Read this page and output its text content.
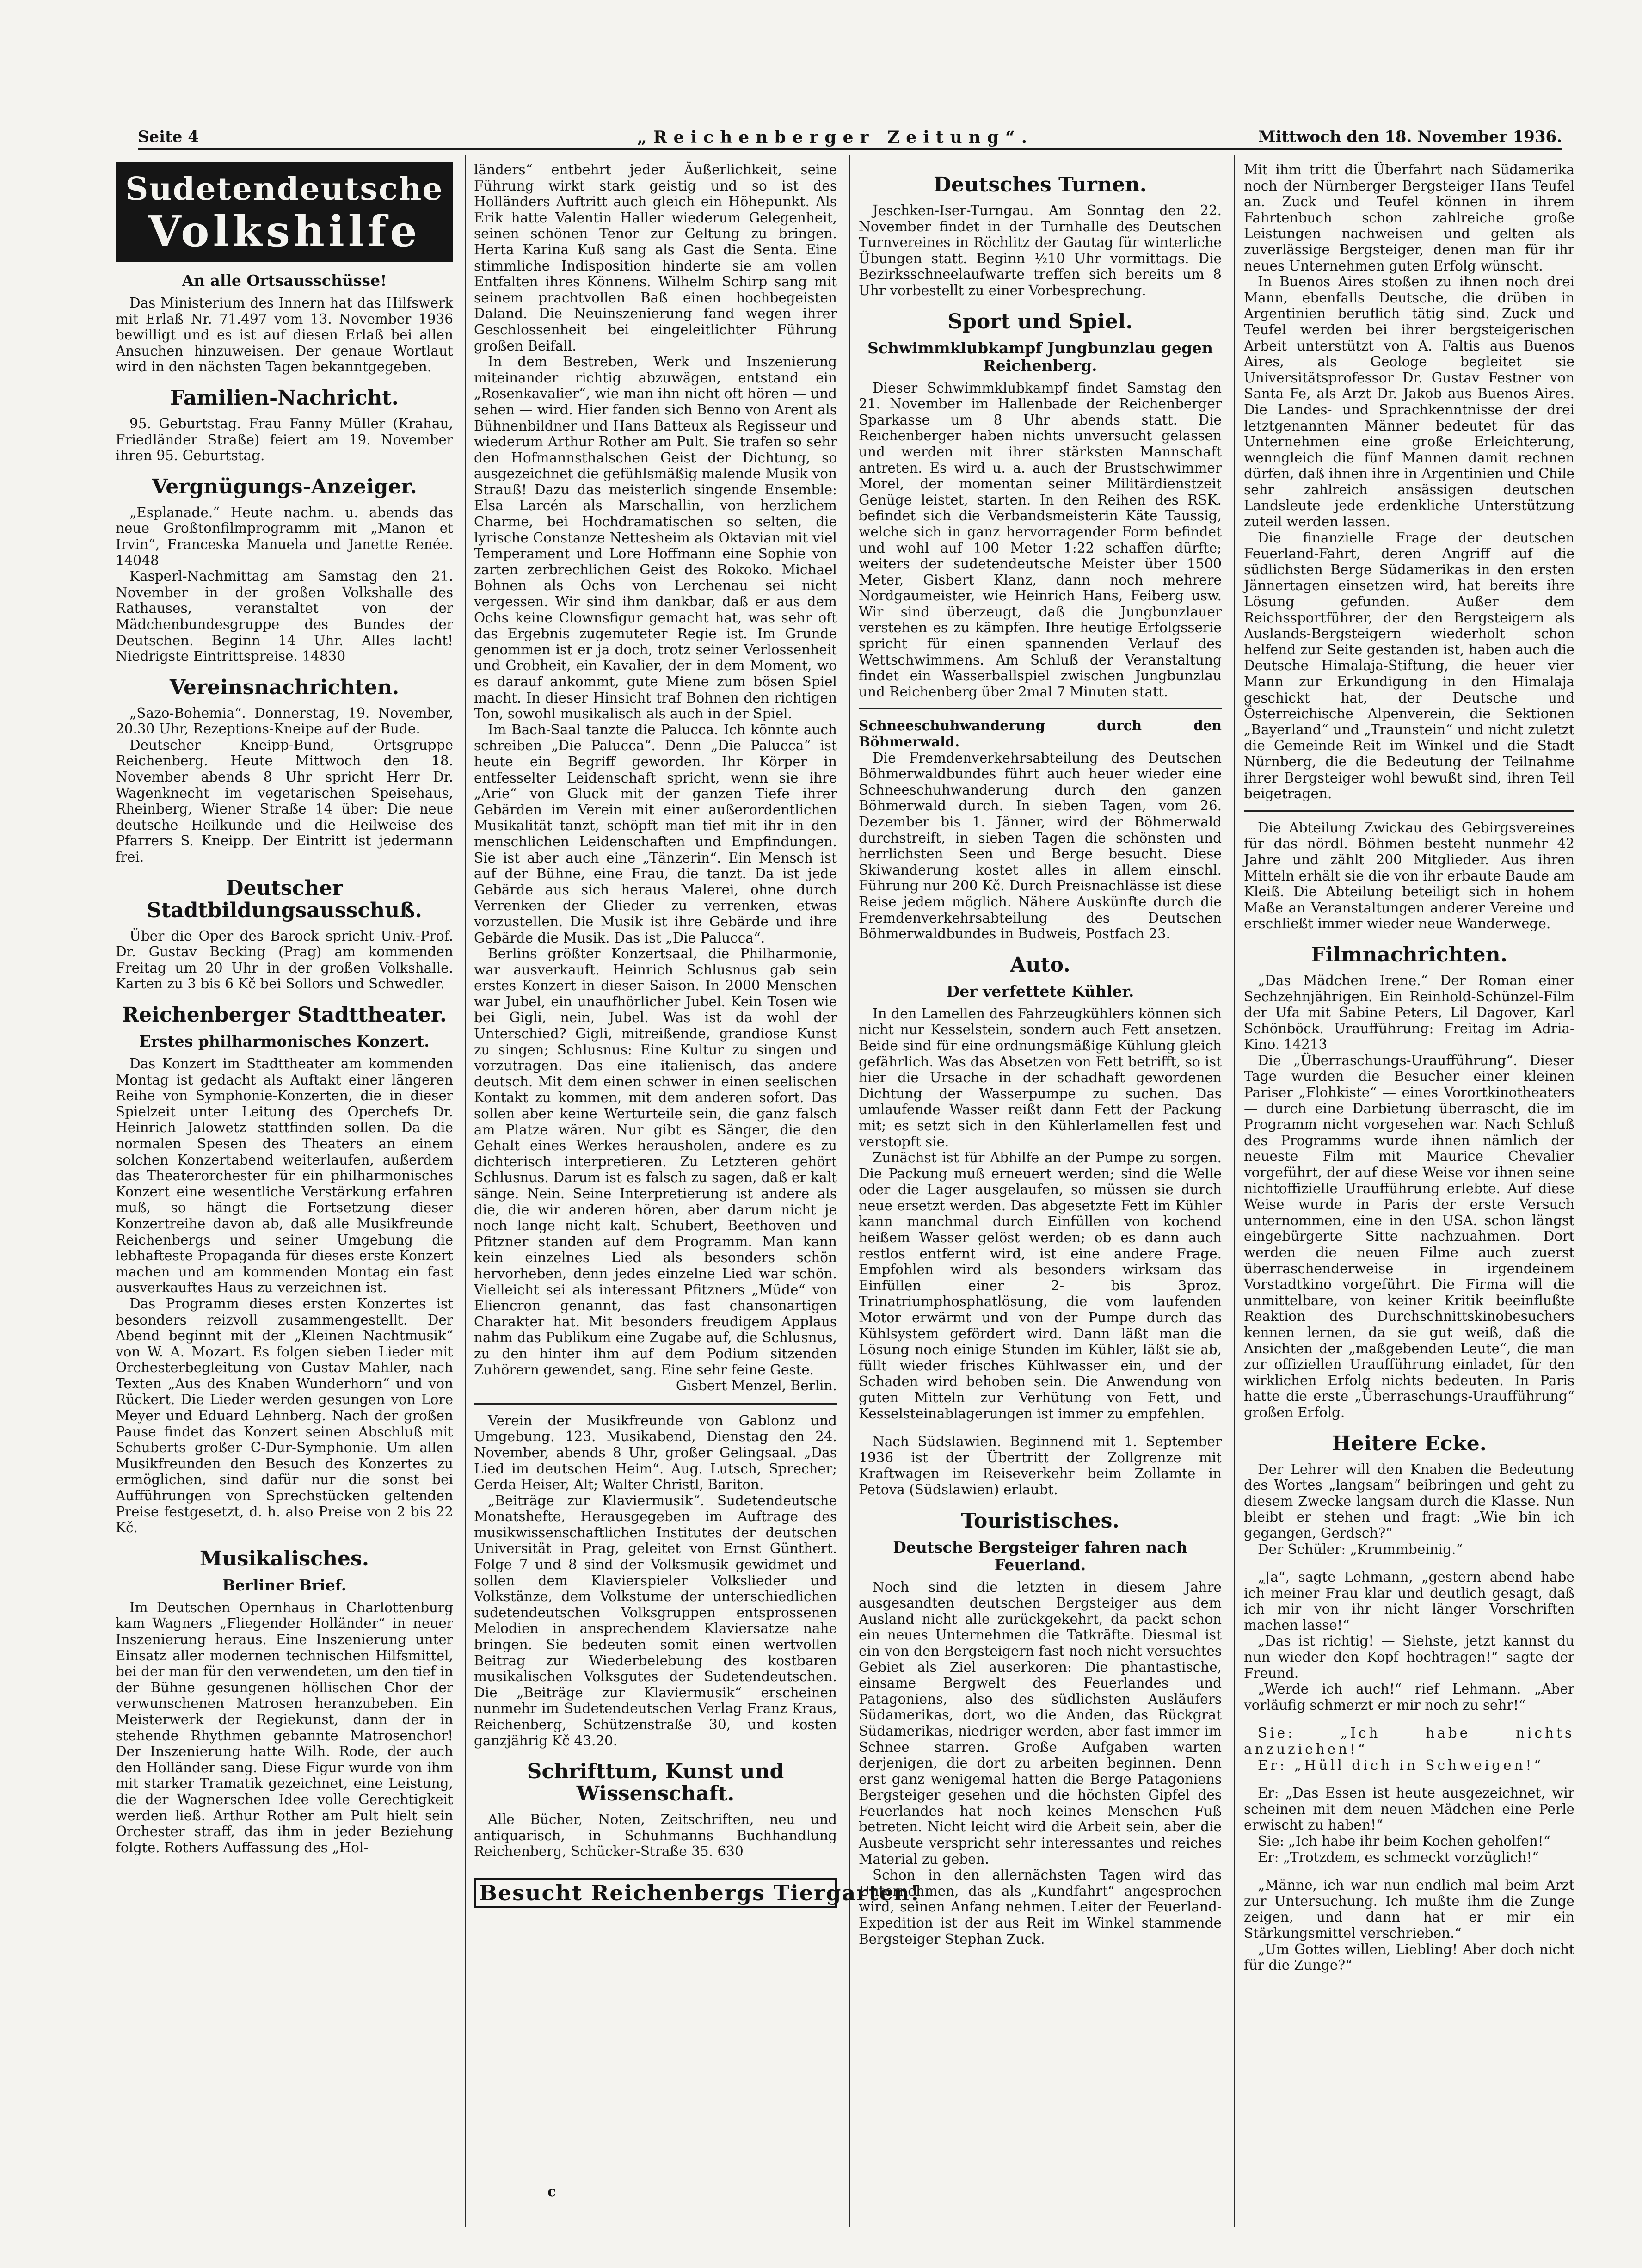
Seite 4	„Reichenberger Zeitung“.	Mittwoch den 18. November 1936.
Sudetendeutsche
Volkshilfe
An alle Ortsausschüsse!

Das Ministerium des Innern hat das Hilfswerk mit Erlaß Nr. 71.497 vom 13. November 1936 bewilligt und es ist auf diesen Erlaß bei allen Ansuchen hinzuweisen. Der genaue Wortlaut wird in den nächsten Tagen bekanntgegeben.

Familien-Nachricht.

95. Geburtstag. Frau Fanny Müller (Krahau, Friedländer Straße) feiert am 19. November ihren 95. Geburtstag.

Vergnügungs-Anzeiger.

„Esplanade.“ Heute nachm. u. abends das neue Großtonfilmprogramm mit „Manon et Irvin“, Franceska Manuela und Janette Renée. 14048

Kasperl-Nachmittag am Samstag den 21. November in der großen Volkshalle des Rathauses, veranstaltet von der Mädchenbundesgruppe des Bundes der Deutschen. Beginn 14 Uhr. Alles lacht! Niedrigste Eintrittspreise. 14830

Vereinsnachrichten.

„Sazo-Bohemia“. Donnerstag, 19. November, 20.30 Uhr, Rezeptions-Kneipe auf der Bude.

Deutscher Kneipp-Bund, Ortsgruppe Reichenberg. Heute Mittwoch den 18. November abends 8 Uhr spricht Herr Dr. Wagenknecht im vegetarischen Speisehaus, Rheinberg, Wiener Straße 14 über: Die neue deutsche Heilkunde und die Heilweise des Pfarrers S. Kneipp. Der Eintritt ist jedermann frei.

Deutscher Stadtbildungsausschuß.

Über die Oper des Barock spricht Univ.-Prof. Dr. Gustav Becking (Prag) am kommenden Freitag um 20 Uhr in der großen Volkshalle. Karten zu 3 bis 6 Kč bei Sollors und Schwedler.

Reichenberger Stadttheater.
Erstes philharmonisches Konzert.

Das Konzert im Stadttheater am kommenden Montag ist gedacht als Auftakt einer längeren Reihe von Symphonie-Konzerten, die in dieser Spielzeit unter Leitung des Operchefs Dr. Heinrich Jalowetz stattfinden sollen. Da die normalen Spesen des Theaters an einem solchen Konzertabend weiterlaufen, außerdem das Theaterorchester für ein philharmonisches Konzert eine wesentliche Verstärkung erfahren muß, so hängt die Fortsetzung dieser Konzertreihe davon ab, daß alle Musikfreunde Reichenbergs und seiner Umgebung die lebhafteste Propaganda für dieses erste Konzert machen und am kommenden Montag ein fast ausverkauftes Haus zu verzeichnen ist.

Das Programm dieses ersten Konzertes ist besonders reizvoll zusammengestellt. Der Abend beginnt mit der „Kleinen Nachtmusik“ von W. A. Mozart. Es folgen sieben Lieder mit Orchesterbegleitung von Gustav Mahler, nach Texten „Aus des Knaben Wunderhorn“ und von Rückert. Die Lieder werden gesungen von Lore Meyer und Eduard Lehnberg. Nach der großen Pause findet das Konzert seinen Abschluß mit Schuberts großer C-Dur-Symphonie. Um allen Musikfreunden den Besuch des Konzertes zu ermöglichen, sind dafür nur die sonst bei Aufführungen von Sprechstücken geltenden Preise festgesetzt, d. h. also Preise von 2 bis 22 Kč.

Musikalisches.
Berliner Brief.

Im Deutschen Opernhaus in Charlottenburg kam Wagners „Fliegender Holländer“ in neuer Inszenierung heraus. Eine Inszenierung unter Einsatz aller modernen technischen Hilfsmittel, bei der man für den verwendeten, um den tief in der Bühne gesungenen höllischen Chor der verwunschenen Matrosen heranzubeben. Ein Meisterwerk der Regiekunst, dann der in stehende Rhythmen gebannte Matrosenchor! Der Inszenierung hatte Wilh. Rode, der auch den Holländer sang. Diese Figur wurde von ihm mit starker Tramatik gezeichnet, eine Leistung, die der Wagnerschen Idee volle Gerechtigkeit werden ließ. Arthur Rother am Pult hielt sein Orchester straff, das ihm in jeder Beziehung folgte. Rothers Auffassung des „Hol-

länders“ entbehrt jeder Äußerlichkeit, seine Führung wirkt stark geistig und so ist des Holländers Auftritt auch gleich ein Höhepunkt. Als Erik hatte Valentin Haller wiederum Gelegenheit, seinen schönen Tenor zur Geltung zu bringen. Herta Karina Kuß sang als Gast die Senta. Eine stimmliche Indisposition hinderte sie am vollen Entfalten ihres Könnens. Wilhelm Schirp sang mit seinem prachtvollen Baß einen hochbegeisten Daland. Die Neuinszenierung fand wegen ihrer Geschlossenheit bei eingeleitlichter Führung großen Beifall.

In dem Bestreben, Werk und Inszenierung miteinander richtig abzuwägen, entstand ein „Rosenkavalier“, wie man ihn nicht oft hören — und sehen — wird. Hier fanden sich Benno von Arent als Bühnenbildner und Hans Batteux als Regisseur und wiederum Arthur Rother am Pult. Sie trafen so sehr den Hofmannsthalschen Geist der Dichtung, so ausgezeichnet die gefühlsmäßig malende Musik von Strauß! Dazu das meisterlich singende Ensemble: Elsa Larcén als Marschallin, von herzlichem Charme, bei Hochdramatischen so selten, die lyrische Constanze Nettesheim als Oktavian mit viel Temperament und Lore Hoffmann eine Sophie von zarten zerbrechlichen Geist des Rokoko. Michael Bohnen als Ochs von Lerchenau sei nicht vergessen. Wir sind ihm dankbar, daß er aus dem Ochs keine Clownsfigur gemacht hat, was sehr oft das Ergebnis zugemuteter Regie ist. Im Grunde genommen ist er ja doch, trotz seiner Verlossenheit und Grobheit, ein Kavalier, der in dem Moment, wo es darauf ankommt, gute Miene zum bösen Spiel macht. In dieser Hinsicht traf Bohnen den richtigen Ton, sowohl musikalisch als auch in der Spiel.

Im Bach-Saal tanzte die Palucca. Ich könnte auch schreiben „Die Palucca“. Denn „Die Palucca“ ist heute ein Begriff geworden. Ihr Körper in entfesselter Leidenschaft spricht, wenn sie ihre „Arie“ von Gluck mit der ganzen Tiefe ihrer Gebärden im Verein mit einer außerordentlichen Musikalität tanzt, schöpft man tief mit ihr in den menschlichen Leidenschaften und Empfindungen. Sie ist aber auch eine „Tänzerin“. Ein Mensch ist auf der Bühne, eine Frau, die tanzt. Da ist jede Gebärde aus sich heraus Malerei, ohne durch Verrenken der Glieder zu verrenken, etwas vorzustellen. Die Musik ist ihre Gebärde und ihre Gebärde die Musik. Das ist „Die Palucca“.

Berlins größter Konzertsaal, die Philharmonie, war ausverkauft. Heinrich Schlusnus gab sein erstes Konzert in dieser Saison. In 2000 Menschen war Jubel, ein unaufhörlicher Jubel. Kein Tosen wie bei Gigli, nein, Jubel. Was ist da wohl der Unterschied? Gigli, mitreißende, grandiose Kunst zu singen; Schlusnus: Eine Kultur zu singen und vorzutragen. Das eine italienisch, das andere deutsch. Mit dem einen schwer in einen seelischen Kontakt zu kommen, mit dem anderen sofort. Das sollen aber keine Werturteile sein, die ganz falsch am Platze wären. Nur gibt es Sänger, die den Gehalt eines Werkes herausholen, andere es zu dichterisch interpretieren. Zu Letzteren gehört Schlusnus. Darum ist es falsch zu sagen, daß er kalt sänge. Nein. Seine Interpretierung ist andere als die, die wir anderen hören, aber darum nicht je noch lange nicht kalt. Schubert, Beethoven und Pfitzner standen auf dem Programm. Man kann kein einzelnes Lied als besonders schön hervorheben, denn jedes einzelne Lied war schön. Vielleicht sei als interessant Pfitzners „Müde“ von Eliencron genannt, das fast chansonartigen Charakter hat. Mit besonders freudigem Applaus nahm das Publikum eine Zugabe auf, die Schlusnus, zu den hinter ihm auf dem Podium sitzenden Zuhörern gewendet, sang. Eine sehr feine Geste.

Gisbert Menzel, Berlin.

Verein der Musikfreunde von Gablonz und Umgebung. 123. Musikabend, Dienstag den 24. November, abends 8 Uhr, großer Gelingsaal. „Das Lied im deutschen Heim“. Aug. Lutsch, Sprecher; Gerda Heiser, Alt; Walter Christl, Bariton.

„Beiträge zur Klaviermusik“. Sudetendeutsche Monatshefte, Herausgegeben im Auftrage des musikwissenschaftlichen Institutes der deutschen Universität in Prag, geleitet von Ernst Günthert. Folge 7 und 8 sind der Volksmusik gewidmet und sollen dem Klavierspieler Volkslieder und Volkstänze, dem Volkstume der unterschiedlichen sudetendeutschen Volksgruppen entsprossenen Melodien in ansprechendem Klaviersatze nahe bringen. Sie bedeuten somit einen wertvollen Beitrag zur Wiederbelebung des kostbaren musikalischen Volksgutes der Sudetendeutschen. Die „Beiträge zur Klaviermusik“ erscheinen nunmehr im Sudetendeutschen Verlag Franz Kraus, Reichenberg, Schützenstraße 30, und kosten ganzjährig Kč 43.20.

Schrifttum, Kunst und Wissenschaft.

Alle Bücher, Noten, Zeitschriften, neu und antiquarisch, in Schuhmanns Buchhandlung Reichenberg, Schücker-Straße 35. 630

Besucht Reichenbergs Tiergarten!
Deutsches Turnen.

Jeschken-Iser-Turngau. Am Sonntag den 22. November findet in der Turnhalle des Deutschen Turnvereines in Röchlitz der Gautag für winterliche Übungen statt. Beginn ½10 Uhr vormittags. Die Bezirksschneelaufwarte treffen sich bereits um 8 Uhr vorbestellt zu einer Vorbesprechung.

Sport und Spiel.
Schwimmklubkampf Jungbunzlau gegen Reichenberg.

Dieser Schwimmklubkampf findet Samstag den 21. November im Hallenbade der Reichenberger Sparkasse um 8 Uhr abends statt. Die Reichenberger haben nichts unversucht gelassen und werden mit ihrer stärksten Mannschaft antreten. Es wird u. a. auch der Brustschwimmer Morel, der momentan seiner Militärdienstzeit Genüge leistet, starten. In den Reihen des RSK. befindet sich die Verbandsmeisterin Käte Taussig, welche sich in ganz hervorragender Form befindet und wohl auf 100 Meter 1:22 schaffen dürfte; weiters der sudetendeutsche Meister über 1500 Meter, Gisbert Klanz, dann noch mehrere Nordgaumeister, wie Heinrich Hans, Feiberg usw. Wir sind überzeugt, daß die Jungbunzlauer verstehen es zu kämpfen. Ihre heutige Erfolgsserie spricht für einen spannenden Verlauf des Wettschwimmens. Am Schluß der Veranstaltung findet ein Wasserballspiel zwischen Jungbunzlau und Reichenberg über 2mal 7 Minuten statt.

Schneeschuhwanderung durch den Böhmerwald.

Die Fremdenverkehrsabteilung des Deutschen Böhmerwaldbundes führt auch heuer wieder eine Schneeschuhwanderung durch den ganzen Böhmerwald durch. In sieben Tagen, vom 26. Dezember bis 1. Jänner, wird der Böhmerwald durchstreift, in sieben Tagen die schönsten und herrlichsten Seen und Berge besucht. Diese Skiwanderung kostet alles in allem einschl. Führung nur 200 Kč. Durch Preisnachlässe ist diese Reise jedem möglich. Nähere Auskünfte durch die Fremdenverkehrsabteilung des Deutschen Böhmerwaldbundes in Budweis, Postfach 23.

Auto.
Der verfettete Kühler.

In den Lamellen des Fahrzeugkühlers können sich nicht nur Kesselstein, sondern auch Fett ansetzen. Beide sind für eine ordnungsmäßige Kühlung gleich gefährlich. Was das Absetzen von Fett betrifft, so ist hier die Ursache in der schadhaft gewordenen Dichtung der Wasserpumpe zu suchen. Das umlaufende Wasser reißt dann Fett der Packung mit; es setzt sich in den Kühlerlamellen fest und verstopft sie.

Zunächst ist für Abhilfe an der Pumpe zu sorgen. Die Packung muß erneuert werden; sind die Welle oder die Lager ausgelaufen, so müssen sie durch neue ersetzt werden. Das abgesetzte Fett im Kühler kann manchmal durch Einfüllen von kochend heißem Wasser gelöst werden; ob es dann auch restlos entfernt wird, ist eine andere Frage. Empfohlen wird als besonders wirksam das Einfüllen einer 2- bis 3proz. Trinatriumphosphatlösung, die vom laufenden Motor erwärmt und von der Pumpe durch das Kühlsystem gefördert wird. Dann läßt man die Lösung noch einige Stunden im Kühler, läßt sie ab, füllt wieder frisches Kühlwasser ein, und der Schaden wird behoben sein. Die Anwendung von guten Mitteln zur Verhütung von Fett, und Kesselsteinablagerungen ist immer zu empfehlen.

Nach Südslawien. Beginnend mit 1. September 1936 ist der Übertritt der Zollgrenze mit Kraftwagen im Reiseverkehr beim Zollamte in Petova (Südslawien) erlaubt.

Touristisches.
Deutsche Bergsteiger fahren nach Feuerland.

Noch sind die letzten in diesem Jahre ausgesandten deutschen Bergsteiger aus dem Ausland nicht alle zurückgekehrt, da packt schon ein neues Unternehmen die Tatkräfte. Diesmal ist ein von den Bergsteigern fast noch nicht versuchtes Gebiet als Ziel auserkoren: Die phantastische, einsame Bergwelt des Feuerlandes und Patagoniens, also des südlichsten Ausläufers Südamerikas, dort, wo die Anden, das Rückgrat Südamerikas, niedriger werden, aber fast immer im Schnee starren. Große Aufgaben warten derjenigen, die dort zu arbeiten beginnen. Denn erst ganz wenigemal hatten die Berge Patagoniens Bergsteiger gesehen und die höchsten Gipfel des Feuerlandes hat noch keines Menschen Fuß betreten. Nicht leicht wird die Arbeit sein, aber die Ausbeute verspricht sehr interessantes und reiches Material zu geben.

Schon in den allernächsten Tagen wird das Unternehmen, das als „Kundfahrt“ angesprochen wird, seinen Anfang nehmen. Leiter der Feuerland-Expedition ist der aus Reit im Winkel stammende Bergsteiger Stephan Zuck.

Mit ihm tritt die Überfahrt nach Südamerika noch der Nürnberger Bergsteiger Hans Teufel an. Zuck und Teufel können in ihrem Fahrtenbuch schon zahlreiche große Leistungen nachweisen und gelten als zuverlässige Bergsteiger, denen man für ihr neues Unternehmen guten Erfolg wünscht.

In Buenos Aires stoßen zu ihnen noch drei Mann, ebenfalls Deutsche, die drüben in Argentinien beruflich tätig sind. Zuck und Teufel werden bei ihrer bergsteigerischen Arbeit unterstützt von A. Faltis aus Buenos Aires, als Geologe begleitet sie Universitätsprofessor Dr. Gustav Festner von Santa Fe, als Arzt Dr. Jakob aus Buenos Aires. Die Landes- und Sprachkenntnisse der drei letztgenannten Männer bedeutet für das Unternehmen eine große Erleichterung, wenngleich die fünf Mannen damit rechnen dürfen, daß ihnen ihre in Argentinien und Chile sehr zahlreich ansässigen deutschen Landsleute jede erdenkliche Unterstützung zuteil werden lassen.

Die finanzielle Frage der deutschen Feuerland-Fahrt, deren Angriff auf die südlichsten Berge Südamerikas in den ersten Jännertagen einsetzen wird, hat bereits ihre Lösung gefunden. Außer dem Reichssportführer, der den Bergsteigern als Auslands-Bergsteigern wiederholt schon helfend zur Seite gestanden ist, haben auch die Deutsche Himalaja-Stiftung, die heuer vier Mann zur Erkundigung in den Himalaja geschickt hat, der Deutsche und Österreichische Alpenverein, die Sektionen „Bayerland“ und „Traunstein“ und nicht zuletzt die Gemeinde Reit im Winkel und die Stadt Nürnberg, die die Bedeutung der Teilnahme ihrer Bergsteiger wohl bewußt sind, ihren Teil beigetragen.

Die Abteilung Zwickau des Gebirgsvereines für das nördl. Böhmen besteht nunmehr 42 Jahre und zählt 200 Mitglieder. Aus ihren Mitteln erhält sie die von ihr erbaute Baude am Kleiß. Die Abteilung beteiligt sich in hohem Maße an Veranstaltungen anderer Vereine und erschließt immer wieder neue Wanderwege.

Filmnachrichten.

„Das Mädchen Irene.“ Der Roman einer Sechzehnjährigen. Ein Reinhold-Schünzel-Film der Ufa mit Sabine Peters, Lil Dagover, Karl Schönböck. Uraufführung: Freitag im Adria-Kino. 14213

Die „Überraschungs-Uraufführung“. Dieser Tage wurden die Besucher einer kleinen Pariser „Flohkiste“ — eines Vorortkinotheaters — durch eine Darbietung überrascht, die im Programm nicht vorgesehen war. Nach Schluß des Programms wurde ihnen nämlich der neueste Film mit Maurice Chevalier vorgeführt, der auf diese Weise vor ihnen seine nichtoffizielle Uraufführung erlebte. Auf diese Weise wurde in Paris der erste Versuch unternommen, eine in den USA. schon längst eingebürgerte Sitte nachzuahmen. Dort werden die neuen Filme auch zuerst überraschenderweise in irgendeinem Vorstadtkino vorgeführt. Die Firma will die unmittelbare, von keiner Kritik beeinflußte Reaktion des Durchschnittskinobesuchers kennen lernen, da sie gut weiß, daß die Ansichten der „maßgebenden Leute“, die man zur offiziellen Uraufführung einladet, für den wirklichen Erfolg nichts bedeuten. In Paris hatte die erste „Überraschungs-Uraufführung“ großen Erfolg.

Heitere Ecke.

Der Lehrer will den Knaben die Bedeutung des Wortes „langsam“ beibringen und geht zu diesem Zwecke langsam durch die Klasse. Nun bleibt er stehen und fragt: „Wie bin ich gegangen, Gerdsch?“

Der Schüler: „Krummbeinig.“

„Ja“, sagte Lehmann, „gestern abend habe ich meiner Frau klar und deutlich gesagt, daß ich mir von ihr nicht länger Vorschriften machen lasse!“

„Das ist richtig! — Siehste, jetzt kannst du nun wieder den Kopf hochtragen!“ sagte der Freund.

„Werde ich auch!“ rief Lehmann. „Aber vorläufig schmerzt er mir noch zu sehr!“

Sie: „Ich habe nichts anzuziehen!“

Er: „Hüll dich in Schweigen!“

Er: „Das Essen ist heute ausgezeichnet, wir scheinen mit dem neuen Mädchen eine Perle erwischt zu haben!“

Sie: „Ich habe ihr beim Kochen geholfen!“

Er: „Trotzdem, es schmeckt vorzüglich!“

„Männe, ich war nun endlich mal beim Arzt zur Untersuchung. Ich mußte ihm die Zunge zeigen, und dann hat er mir ein Stärkungsmittel verschrieben.“

„Um Gottes willen, Liebling! Aber doch nicht für die Zunge?“

c
